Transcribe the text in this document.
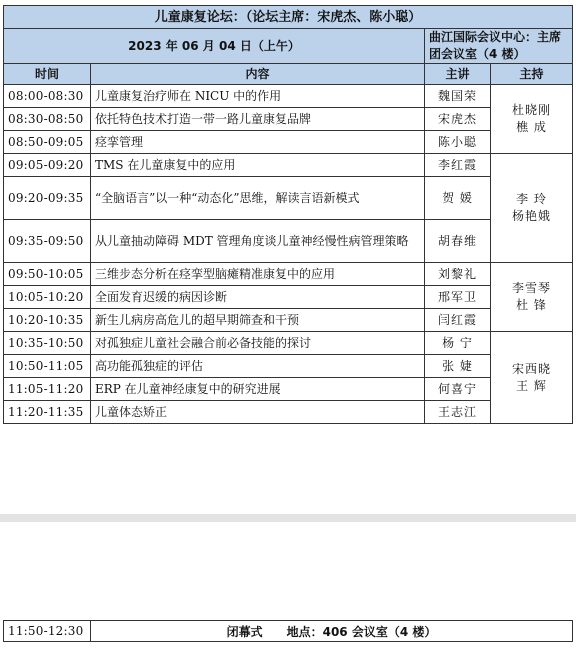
儿童康复论坛：（论坛主席：宋虎杰、陈小聪）			
2023 年 06 月 04 日（上午）		曲江国际会议中心：主席团会议室（4 楼）	
时间	内容	主讲	主持
08:00-08:30	儿童康复治疗师在 NICU 中的作用	魏国荣	杜晓刚
樵 成

08:30-08:50	依托特色技术打造一带一路儿童康复品牌	宋虎杰	
08:50-09:05	痉挛管理	陈小聪	
09:05-09:20	TMS 在儿童康复中的应用	李红霞	李 玲
杨艳娥

09:20-09:35	“全脑语言”以一种“动态化”思维，解读言语新模式	贺 媛	
09:35-09:50	从儿童抽动障碍 MDT 管理角度谈儿童神经慢性病管理策略	胡春维	
09:50-10:05	三维步态分析在痉挛型脑瘫精准康复中的应用	刘黎礼	李雪琴
杜 锋

10:05-10:20	全面发育迟缓的病因诊断	邢军卫	
10:20-10:35	新生儿病房高危儿的超早期筛查和干预	闫红霞	
10:35-10:50	对孤独症儿童社会融合前必备技能的探讨	杨 宁	宋西晓
王 辉

10:50-11:05	高功能孤独症的评估	张 婕	
11:05-11:20	ERP 在儿童神经康复中的研究进展	何喜宁	
11:20-11:35	儿童体态矫正	王志江	
11:50-12:30	闭幕式　　地点：406 会议室（4 楼）
